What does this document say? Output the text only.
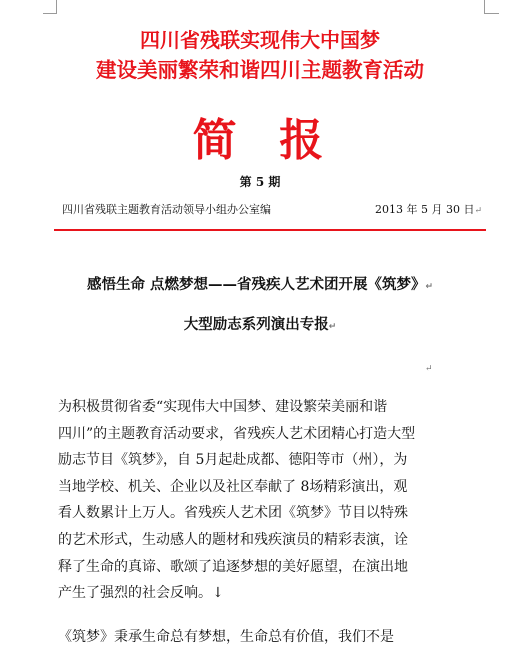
四川省残联实现伟大中国梦
建设美丽繁荣和谐四川主题教育活动
简  报
第 5 期
四川省残联主题教育活动领导小组办公室编	2013 年 5 月 30 日↵
感悟生命 点燃梦想——省残疾人艺术团开展《筑梦》↵
大型励志系列演出专报↵
↵
为积极贯彻省委“实现伟大中国梦、建设繁荣美丽和谐
四川”的主题教育活动要求，省残疾人艺术团精心打造大型
励志节目《筑梦》，自 5月起赴成都、德阳等市（州），为
当地学校、机关、企业以及社区奉献了 8场精彩演出，观
看人数累计上万人。省残疾人艺术团《筑梦》节目以特殊
的艺术形式，生动感人的题材和残疾演员的精彩表演，诠
释了生命的真谛、歌颂了追逐梦想的美好愿望，在演出地
产生了强烈的社会反响。↓
《筑梦》秉承生命总有梦想，生命总有价值，我们不是
